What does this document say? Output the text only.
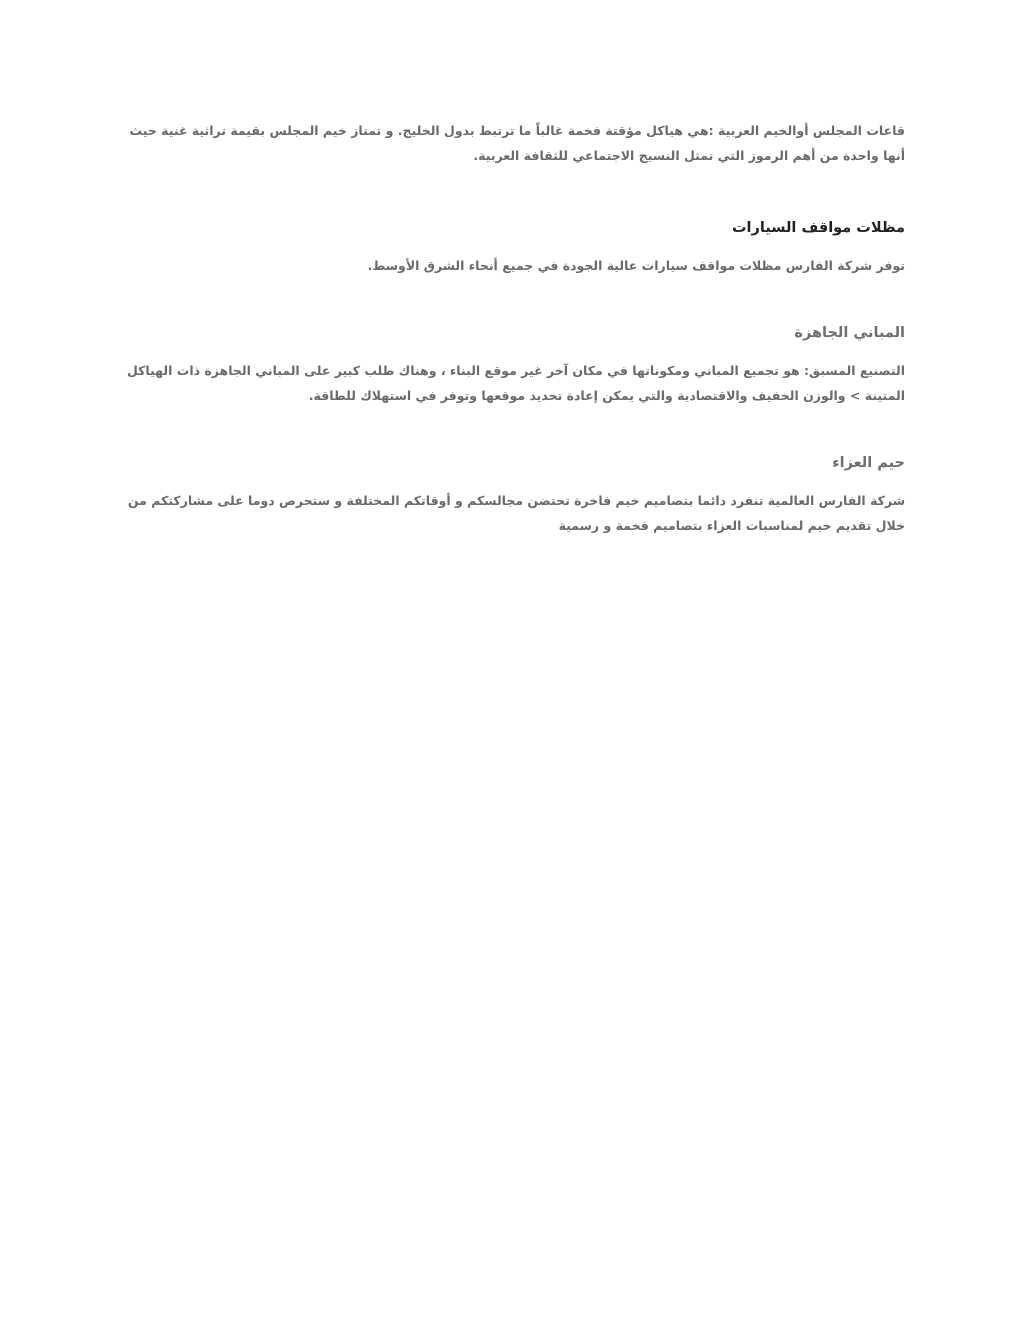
قاعات المجلس أوالخيم العربية :هي هياكل مؤقتة فخمة غالباً ما ترتبط بدول الخليج. و تمتاز خيم المجلس بقيمة تراثية غنية حيث أنها واحدة من أهم الرموز التي تمثل النسيج الاجتماعي للثقافة العربية.

مظلات مواقف السيارات

توفر شركة الفارس مظلات مواقف سيارات عالية الجودة في جميع أنحاء الشرق الأوسط.

المباني الجاهزة

التصنيع المسبق: هو تجميع المباني ومكوناتها في مكان آخر غير موقع البناء ، وهناك طلب كبير على المباني الجاهزة ذات الهياكل المتينة > والوزن الخفيف والاقتصادية والتي يمكن إعادة تحديد موقعها وتوفر في استهلاك للطاقة.

حيم العزاء

شركة الفارس العالمية تنفرد دائما بتصاميم خيم فاخرة تحتضن مجالسكم و أوقاتكم المختلفة و ستحرص دوما على مشاركتكم من خلال تقديم خيم لمناسبات العزاء بتصاميم فخمة و رسمية
